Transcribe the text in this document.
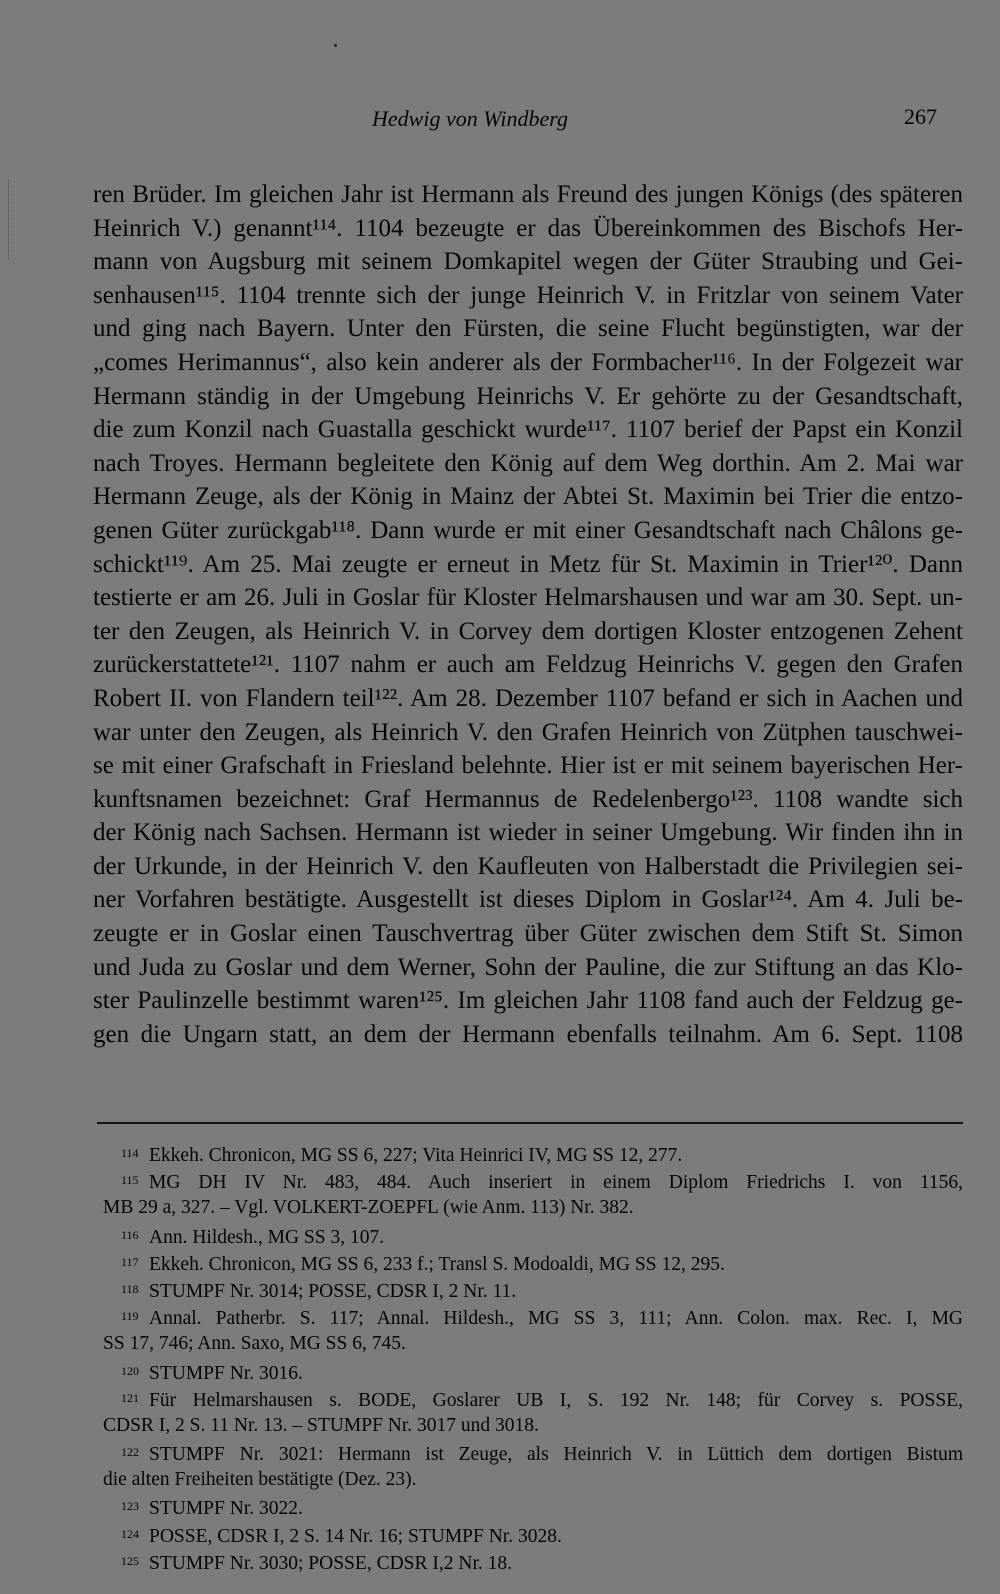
Hedwig von Windberg	267
ren Brüder. Im gleichen Jahr ist Hermann als Freund des jungen Königs (des späteren
Heinrich V.) genannt¹¹⁴. 1104 bezeugte er das Übereinkommen des Bischofs Her-
mann von Augsburg mit seinem Domkapitel wegen der Güter Straubing und Gei-
senhausen¹¹⁵. 1104 trennte sich der junge Heinrich V. in Fritzlar von seinem Vater
und ging nach Bayern. Unter den Fürsten, die seine Flucht begünstigten, war der
„comes Herimannus“, also kein anderer als der Formbacher¹¹⁶. In der Folgezeit war
Hermann ständig in der Umgebung Heinrichs V. Er gehörte zu der Gesandtschaft,
die zum Konzil nach Guastalla geschickt wurde¹¹⁷. 1107 berief der Papst ein Konzil
nach Troyes. Hermann begleitete den König auf dem Weg dorthin. Am 2. Mai war
Hermann Zeuge, als der König in Mainz der Abtei St. Maximin bei Trier die entzo-
genen Güter zurückgab¹¹⁸. Dann wurde er mit einer Gesandtschaft nach Châlons ge-
schickt¹¹⁹. Am 25. Mai zeugte er erneut in Metz für St. Maximin in Trier¹²⁰. Dann
testierte er am 26. Juli in Goslar für Kloster Helmarshausen und war am 30. Sept. un-
ter den Zeugen, als Heinrich V. in Corvey dem dortigen Kloster entzogenen Zehent
zurückerstattete¹²¹. 1107 nahm er auch am Feldzug Heinrichs V. gegen den Grafen
Robert II. von Flandern teil¹²². Am 28. Dezember 1107 befand er sich in Aachen und
war unter den Zeugen, als Heinrich V. den Grafen Heinrich von Zütphen tauschwei-
se mit einer Grafschaft in Friesland belehnte. Hier ist er mit seinem bayerischen Her-
kunftsnamen bezeichnet: Graf Hermannus de Redelenbergo¹²³. 1108 wandte sich
der König nach Sachsen. Hermann ist wieder in seiner Umgebung. Wir finden ihn in
der Urkunde, in der Heinrich V. den Kaufleuten von Halberstadt die Privilegien sei-
ner Vorfahren bestätigte. Ausgestellt ist dieses Diplom in Goslar¹²⁴. Am 4. Juli be-
zeugte er in Goslar einen Tauschvertrag über Güter zwischen dem Stift St. Simon
und Juda zu Goslar und dem Werner, Sohn der Pauline, die zur Stiftung an das Klo-
ster Paulinzelle bestimmt waren¹²⁵. Im gleichen Jahr 1108 fand auch der Feldzug ge-
gen die Ungarn statt, an dem der Hermann ebenfalls teilnahm. Am 6. Sept. 1108
114 Ekkeh. Chronicon, MG SS 6, 227; Vita Heinrici IV, MG SS 12, 277.
115 MG DH IV Nr. 483, 484. Auch inseriert in einem Diplom Friedrichs I. von 1156,
MB 29 a, 327. – Vgl. VOLKERT-ZOEPFL (wie Anm. 113) Nr. 382.
116 Ann. Hildesh., MG SS 3, 107.
117 Ekkeh. Chronicon, MG SS 6, 233 f.; Transl S. Modoaldi, MG SS 12, 295.
118 STUMPF Nr. 3014; POSSE, CDSR I, 2 Nr. 11.
119 Annal. Patherbr. S. 117; Annal. Hildesh., MG SS 3, 111; Ann. Colon. max. Rec. I, MG
SS 17, 746; Ann. Saxo, MG SS 6, 745.
120 STUMPF Nr. 3016.
121 Für Helmarshausen s. BODE, Goslarer UB I, S. 192 Nr. 148; für Corvey s. POSSE,
CDSR I, 2 S. 11 Nr. 13. – STUMPF Nr. 3017 und 3018.
122 STUMPF Nr. 3021: Hermann ist Zeuge, als Heinrich V. in Lüttich dem dortigen Bistum
die alten Freiheiten bestätigte (Dez. 23).
123 STUMPF Nr. 3022.
124 POSSE, CDSR I, 2 S. 14 Nr. 16; STUMPF Nr. 3028.
125 STUMPF Nr. 3030; POSSE, CDSR I,2 Nr. 18.
